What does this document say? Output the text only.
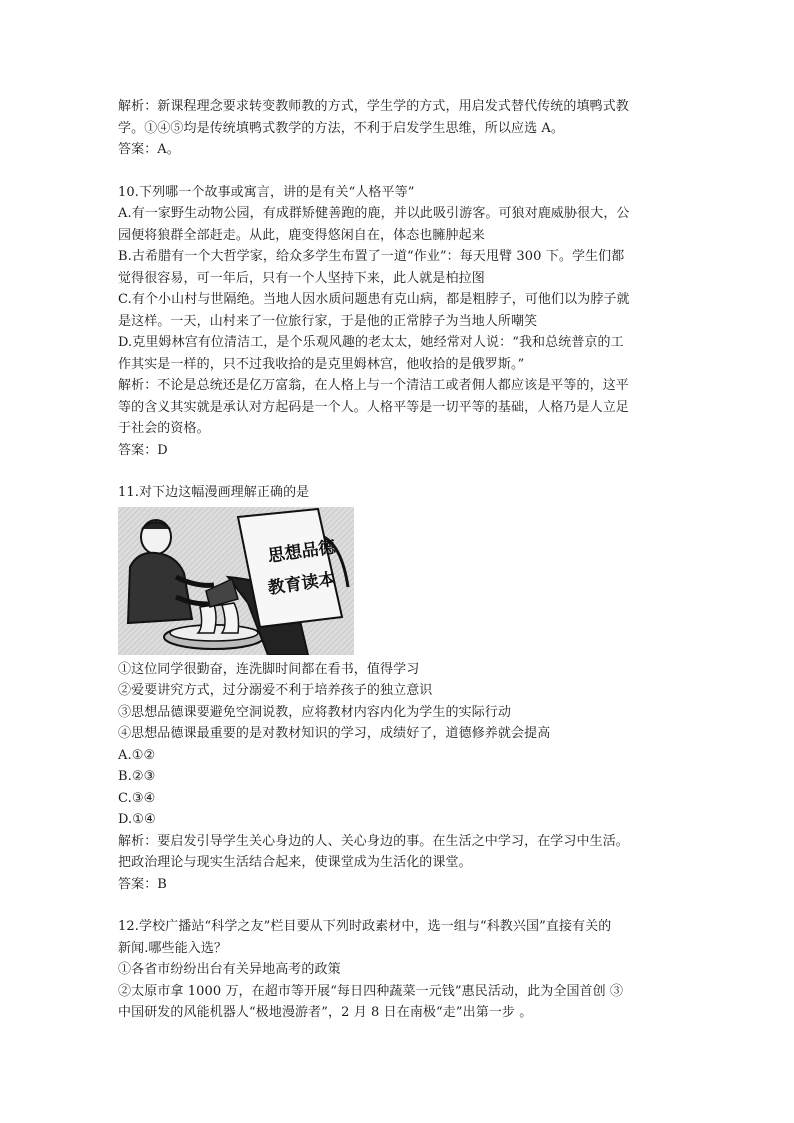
解析：新课程理念要求转变教师教的方式，学生学的方式，用启发式替代传统的填鸭式教
学。①④⑤均是传统填鸭式教学的方法，不利于启发学生思维，所以应选 A。
答案：A。
10.下列哪一个故事或寓言，讲的是有关“人格平等”
A.有一家野生动物公园，有成群矫健善跑的鹿，并以此吸引游客。可狼对鹿威胁很大，公
园便将狼群全部赶走。从此，鹿变得悠闲自在，体态也臃肿起来
B.古希腊有一个大哲学家，给众多学生布置了一道“作业”：每天甩臂 300 下。学生们都
觉得很容易，可一年后，只有一个人坚持下来，此人就是柏拉图
C.有个小山村与世隔绝。当地人因水质问题患有克山病，都是粗脖子，可他们以为脖子就
是这样。一天，山村来了一位旅行家，于是他的正常脖子为当地人所嘲笑
D.克里姆林宫有位清洁工，是个乐观风趣的老太太，她经常对人说：“我和总统普京的工
作其实是一样的，只不过我收拾的是克里姆林宫，他收拾的是俄罗斯。”
解析：不论是总统还是亿万富翁，在人格上与一个清洁工或者佣人都应该是平等的，这平
等的含义其实就是承认对方起码是一个人。人格平等是一切平等的基础，人格乃是人立足
于社会的资格。
答案：D
11.对下边这幅漫画理解正确的是
思想品德
教育读本
①这位同学很勤奋，连洗脚时间都在看书，值得学习
②爱要讲究方式，过分溺爱不利于培养孩子的独立意识
③思想品德课要避免空洞说教，应将教材内容内化为学生的实际行动
④思想品德课最重要的是对教材知识的学习，成绩好了，道德修养就会提高
A.①②
B.②③
C.③④
D.①④
解析：要启发引导学生关心身边的人、关心身边的事。在生活之中学习，在学习中生活。
把政治理论与现实生活结合起来，使课堂成为生活化的课堂。
答案：B
12.学校广播站“科学之友”栏目要从下列时政素材中，选一组与“科教兴国”直接有关的
新闻.哪些能入选？
①各省市纷纷出台有关异地高考的政策
②太原市拿 1000 万，在超市等开展“每日四种蔬菜一元钱”惠民活动，此为全国首创 ③
中国研发的风能机器人“极地漫游者”，2 月 8 日在南极“走”出第一步 。
